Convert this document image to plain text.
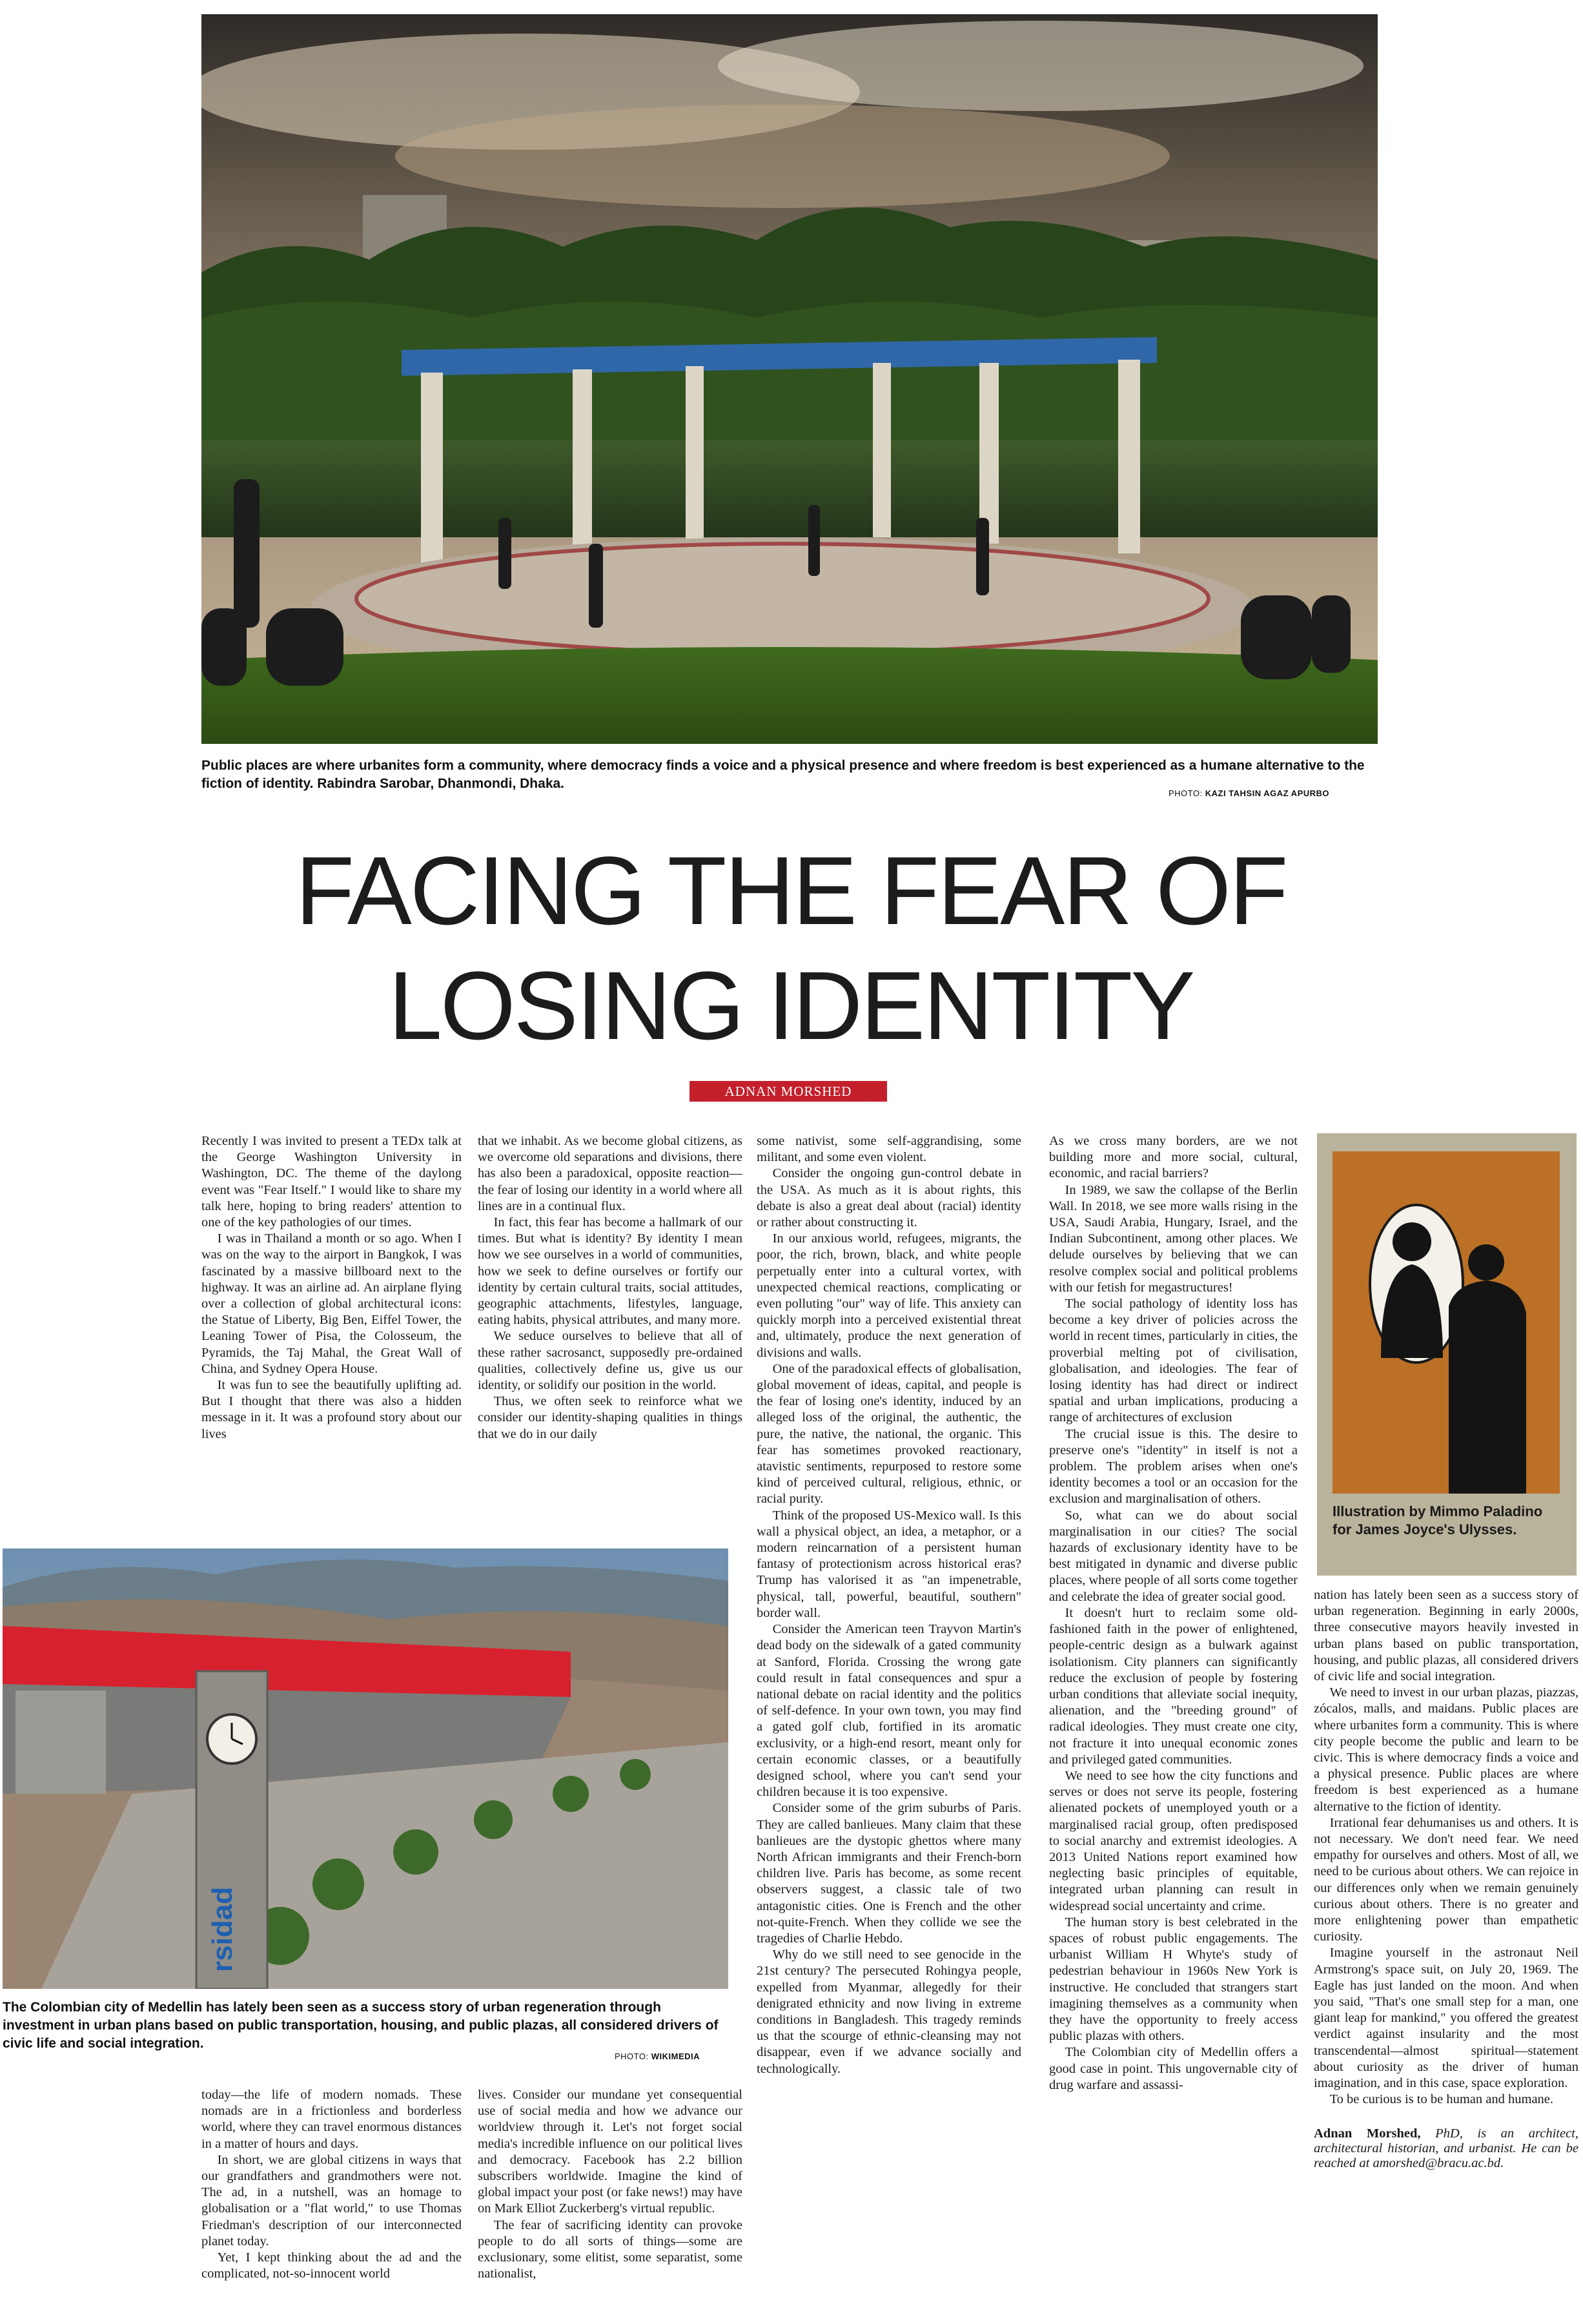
Public places are where urbanites form a community, where democracy finds a voice and a physical presence and where freedom is best experienced as a humane alternative to the fiction of identity. Rabindra Sarobar, Dhanmondi, Dhaka.
PHOTO: KAZI TAHSIN AGAZ APURBO
FACING THE FEAR OF
LOSING IDENTITY
ADNAN MORSHED

Recently I was invited to present a TEDx talk at the George Washington University in Washington, DC. The theme of the daylong event was "Fear Itself." I would like to share my talk here, hoping to bring readers' attention to one of the key pathologies of our times.

I was in Thailand a month or so ago. When I was on the way to the airport in Bangkok, I was fascinated by a massive billboard next to the highway. It was an airline ad. An airplane flying over a collection of global architectural icons: the Statue of Liberty, Big Ben, Eiffel Tower, the Leaning Tower of Pisa, the Colosseum, the Pyramids, the Taj Mahal, the Great Wall of China, and Sydney Opera House.

It was fun to see the beautifully uplifting ad. But I thought that there was also a hidden message in it. It was a profound story about our lives

that we inhabit. As we become global citizens, as we overcome old separations and divisions, there has also been a paradoxical, opposite reaction—the fear of losing our identity in a world where all lines are in a continual flux.

In fact, this fear has become a hallmark of our times. But what is identity? By identity I mean how we see ourselves in a world of communities, how we seek to define ourselves or fortify our identity by certain cultural traits, social attitudes, geographic attachments, lifestyles, language, eating habits, physical attributes, and many more.

We seduce ourselves to believe that all of these rather sacrosanct, supposedly pre-ordained qualities, collectively define us, give us our identity, or solidify our position in the world.

Thus, we often seek to reinforce what we consider our identity-shaping qualities in things that we do in our daily

some nativist, some self-aggrandising, some militant, and some even violent.

Consider the ongoing gun-control debate in the USA. As much as it is about rights, this debate is also a great deal about (racial) identity or rather about constructing it.

In our anxious world, refugees, migrants, the poor, the rich, brown, black, and white people perpetually enter into a cultural vortex, with unexpected chemical reactions, complicating or even polluting "our" way of life. This anxiety can quickly morph into a perceived existential threat and, ultimately, produce the next generation of divisions and walls.

One of the paradoxical effects of globalisation, global movement of ideas, capital, and people is the fear of losing one's identity, induced by an alleged loss of the original, the authentic, the pure, the native, the national, the organic. This fear has sometimes provoked reactionary, atavistic sentiments, repurposed to restore some kind of perceived cultural, religious, ethnic, or racial purity.

Think of the proposed US-Mexico wall. Is this wall a physical object, an idea, a metaphor, or a modern reincarnation of a persistent human fantasy of protectionism across historical eras? Trump has valorised it as "an impenetrable, physical, tall, powerful, beautiful, southern" border wall.

Consider the American teen Trayvon Martin's dead body on the sidewalk of a gated community at Sanford, Florida. Crossing the wrong gate could result in fatal consequences and spur a national debate on racial identity and the politics of self-defence. In your own town, you may find a gated golf club, fortified in its aromatic exclusivity, or a high-end resort, meant only for certain economic classes, or a beautifully designed school, where you can't send your children because it is too expensive.

Consider some of the grim suburbs of Paris. They are called banlieues. Many claim that these banlieues are the dystopic ghettos where many North African immigrants and their French-born children live. Paris has become, as some recent observers suggest, a classic tale of two antagonistic cities. One is French and the other not-quite-French. When they collide we see the tragedies of Charlie Hebdo.

Why do we still need to see genocide in the 21st century? The persecuted Rohingya people, expelled from Myanmar, allegedly for their denigrated ethnicity and now living in extreme conditions in Bangladesh. This tragedy reminds us that the scourge of ethnic-cleansing may not disappear, even if we advance socially and technologically.

As we cross many borders, are we not building more and more social, cultural, economic, and racial barriers?

In 1989, we saw the collapse of the Berlin Wall. In 2018, we see more walls rising in the USA, Saudi Arabia, Hungary, Israel, and the Indian Subcontinent, among other places. We delude ourselves by believing that we can resolve complex social and political problems with our fetish for megastructures!

The social pathology of identity loss has become a key driver of policies across the world in recent times, particularly in cities, the proverbial melting pot of civilisation, globalisation, and ideologies. The fear of losing identity has had direct or indirect spatial and urban implications, producing a range of architectures of exclusion

The crucial issue is this. The desire to preserve one's "identity" in itself is not a problem. The problem arises when one's identity becomes a tool or an occasion for the exclusion and marginalisation of others.

So, what can we do about social marginalisation in our cities? The social hazards of exclusionary identity have to be best mitigated in dynamic and diverse public places, where people of all sorts come together and celebrate the idea of greater social good.

It doesn't hurt to reclaim some old-fashioned faith in the power of enlightened, people-centric design as a bulwark against isolationism. City planners can significantly reduce the exclusion of people by fostering urban conditions that alleviate social inequity, alienation, and the "breeding ground" of radical ideologies. They must create one city, not fracture it into unequal economic zones and privileged gated communities.

We need to see how the city functions and serves or does not serve its people, fostering alienated pockets of unemployed youth or a marginalised racial group, often predisposed to social anarchy and extremist ideologies. A 2013 United Nations report examined how neglecting basic principles of equitable, integrated urban planning can result in widespread social uncertainty and crime.

The human story is best celebrated in the spaces of robust public engagements. The urbanist William H Whyte's study of pedestrian behaviour in 1960s New York is instructive. He concluded that strangers start imagining themselves as a community when they have the opportunity to freely access public plazas with others.

The Colombian city of Medellin offers a good case in point. This ungovernable city of drug warfare and assassi-

Illustration by Mimmo Paladino for James Joyce's Ulysses.

nation has lately been seen as a success story of urban regeneration. Beginning in early 2000s, three consecutive mayors heavily invested in urban plans based on public transportation, housing, and public plazas, all considered drivers of civic life and social integration.

We need to invest in our urban plazas, piazzas, zócalos, malls, and maidans. Public places are where urbanites form a community. This is where city people become the public and learn to be civic. This is where democracy finds a voice and a physical presence. Public places are where freedom is best experienced as a humane alternative to the fiction of identity.

Irrational fear dehumanises us and others. It is not necessary. We don't need fear. We need empathy for ourselves and others. Most of all, we need to be curious about others. We can rejoice in our differences only when we remain genuinely curious about others. There is no greater and more enlightening power than empathetic curiosity.

Imagine yourself in the astronaut Neil Armstrong's space suit, on July 20, 1969. The Eagle has just landed on the moon. And when you said, "That's one small step for a man, one giant leap for mankind," you offered the greatest verdict against insularity and the most transcendental—almost spiritual—statement about curiosity as the driver of human imagination, and in this case, space exploration.

To be curious is to be human and humane.

Adnan Morshed, PhD, is an architect, architectural historian, and urbanist. He can be reached at amorshed@bracu.ac.bd.

rsidad
The Colombian city of Medellin has lately been seen as a success story of urban regeneration through investment in urban plans based on public transportation, housing, and public plazas, all considered drivers of civic life and social integration.
PHOTO: WIKIMEDIA

today—the life of modern nomads. These nomads are in a frictionless and borderless world, where they can travel enormous distances in a matter of hours and days.

In short, we are global citizens in ways that our grandfathers and grandmothers were not. The ad, in a nutshell, was an homage to globalisation or a "flat world," to use Thomas Friedman's description of our interconnected planet today.

Yet, I kept thinking about the ad and the complicated, not-so-innocent world

lives. Consider our mundane yet consequential use of social media and how we advance our worldview through it. Let's not forget social media's incredible influence on our political lives and democracy. Facebook has 2.2 billion subscribers worldwide. Imagine the kind of global impact your post (or fake news!) may have on Mark Elliot Zuckerberg's virtual republic.

The fear of sacrificing identity can provoke people to do all sorts of things—some are exclusionary, some elitist, some separatist, some nationalist,
